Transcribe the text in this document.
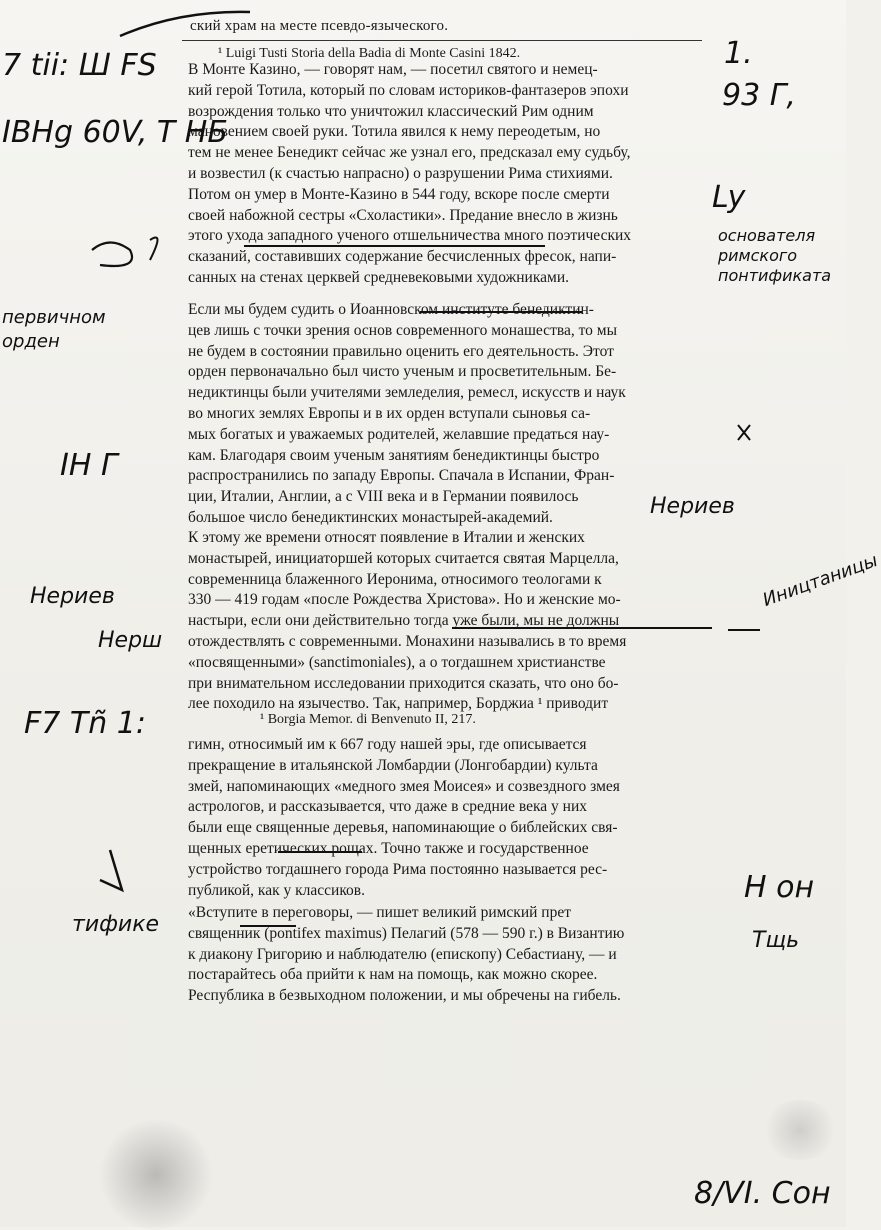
ский храм на месте псевдо-языческого.
¹ Luigi Tusti Storia della Badia di Monte Casini 1842.
В Монте Казино, — говорят нам, — посетил святого и немец-
кий герой Тотила, который по словам историков-фантазеров эпохи
возрождения только что уничтожил классический Рим одним
мановением своей руки. Тотила явился к нему переодетым, но
тем не менее Бенедикт сейчас же узнал его, предсказал ему судьбу,
и возвестил (к счастью напрасно) о разрушении Рима стихиями.
Потом он умер в Монте-Казино в 544 году, вскоре после смерти
своей набожной сестры «Схоластики». Предание внесло в жизнь
этого ухода западного ученого отшельничества много поэтических
сказаний, составивших содержание бесчисленных фресок, напи-
санных на стенах церквей средневековыми художниками.
Если мы будем судить о Иоанновском институте бенедиктин-
цев лишь с точки зрения основ современного монашества, то мы
не будем в состоянии правильно оценить его деятельность. Этот
орден первоначально был чисто ученым и просветительным. Бе-
недиктинцы были учителями земледелия, ремесл, искусств и наук
во многих землях Европы и в их орден вступали сыновья са-
мых богатых и уважаемых родителей, желавшие предаться нау-
кам. Благодаря своим ученым занятиям бенедиктинцы быстро
распространились по западу Европы. Спачала в Испании, Фран-
ции, Италии, Англии, а с VIII века и в Германии появилось
большое число бенедиктинских монастырей-академий.
К этому же времени относят появление в Италии и женских
монастырей, инициаторшей которых считается святая Марцелла,
современница блаженного Иеронима, относимого теологами к
330 — 419 годам «после Рождества Христова». Но и женские мо-
настыри, если они действительно тогда уже были, мы не должны
отождествлять с современными. Монахини назывались в то время
«посвященными» (sanctimoniales), а о тогдашнем христианстве
при внимательном исследовании приходится сказать, что оно бо-
лее походило на язычество. Так, например, Борджиа ¹ приводит
¹ Borgia Memor. di Benvenuto II, 217.
гимн, относимый им к 667 году нашей эры, где описывается
прекращение в итальянской Ломбардии (Лонгобардии) культа
змей, напоминающих «медного змея Моисея» и созвездного змея
астрологов, и рассказывается, что даже в средние века у них
были еще священные деревья, напоминающие о библейских свя-
щенных еретических рощах. Точно также и государственное
устройство тогдашнего города Рима постоянно называется рес-
публикой, как у классиков.
«Вступите в переговоры, — пишет великий римский прет
священник (pontifex maximus) Пелагий (578 — 590 г.) в Византию
к диакону Григорию и наблюдателю (епископу) Себастиану, — и
постарайтесь оба прийти к нам на помощь, как можно скорее.
Республика в безвыходном положении, и мы обречены на гибель.
7 tii: Ш FS
IBHg 60V, T HБ
первичном орден
IH Г
Нериев
Нерш
F7 Tñ 1:
тифике
1.
93 Г,
Ly
основателя римского понтификата
Нериев
Иництаницы
Н он
Тщь
8/VI. Сон
